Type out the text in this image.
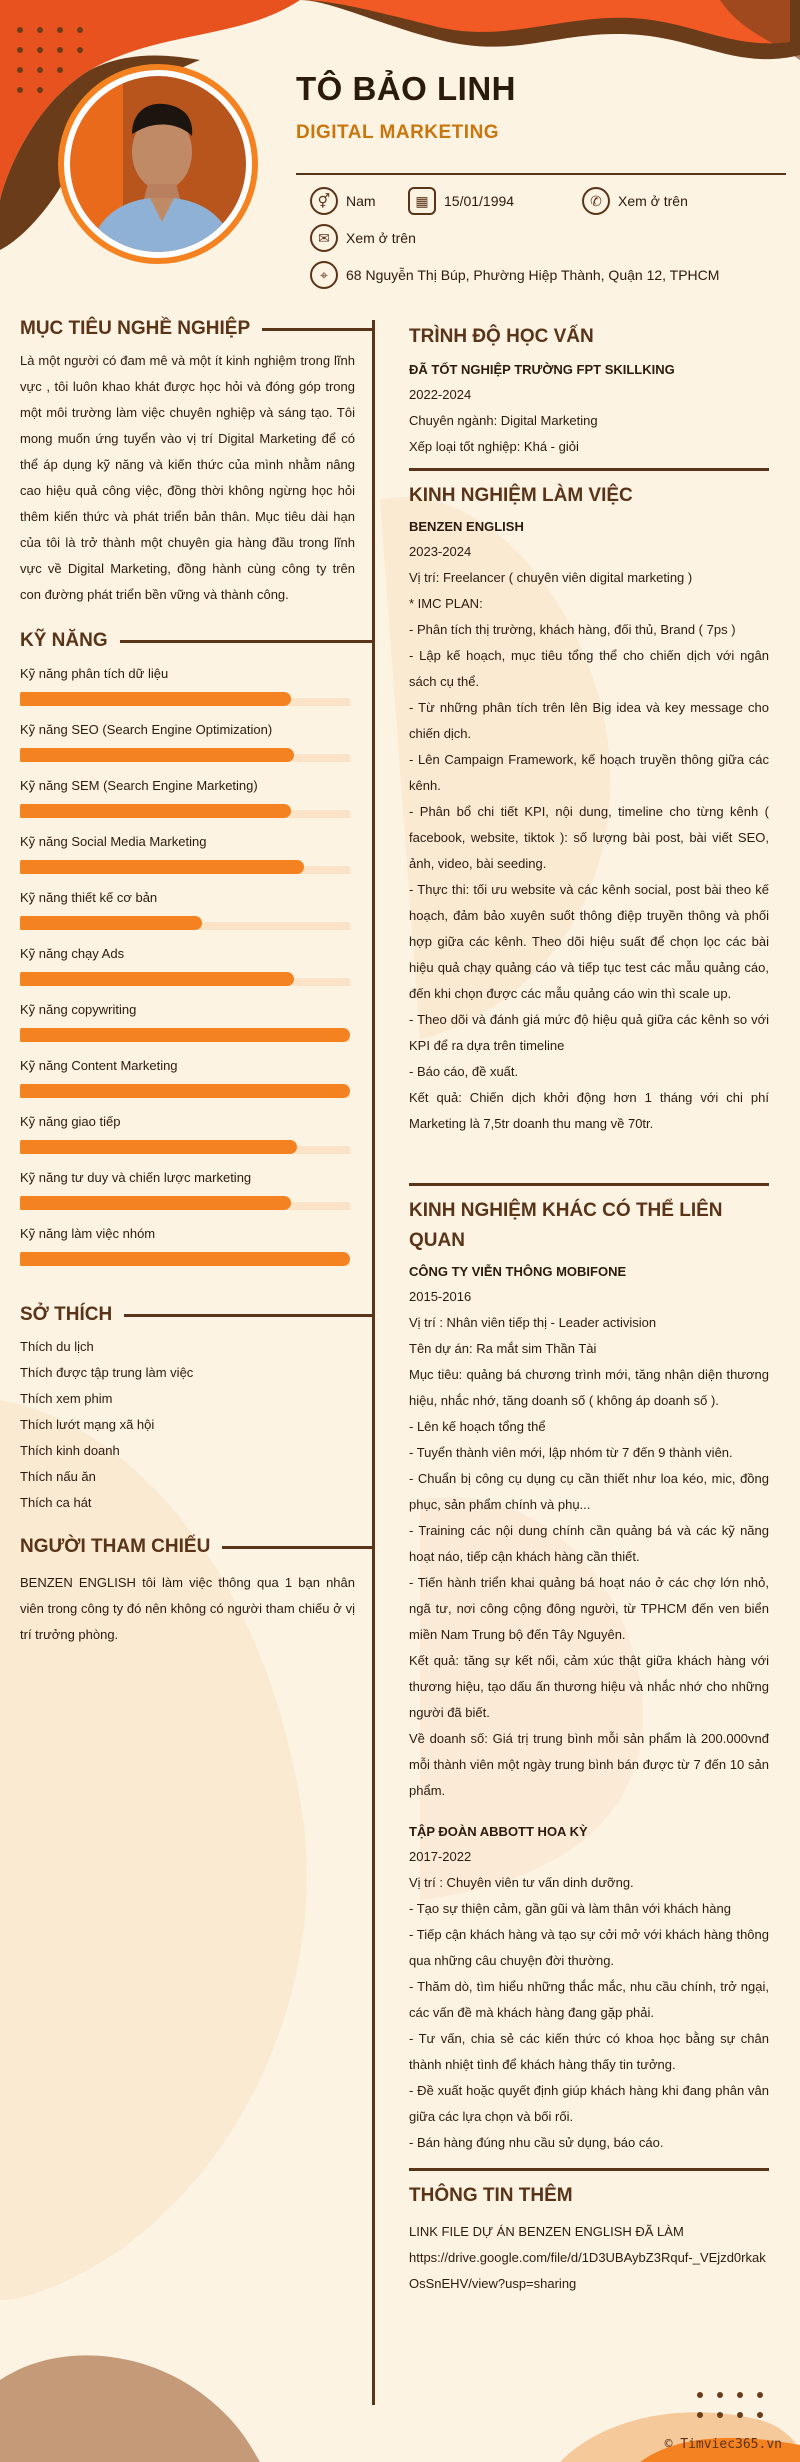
TÔ BẢO LINH
DIGITAL MARKETING
⚥	Nam	▦	15/01/1994	✆	Xem ở trên
✉	Xem ở trên
⌖	68 Nguyễn Thị Búp, Phường Hiệp Thành, Quận 12, TPHCM
MỤC TIÊU NGHỀ NGHIỆP
Là một người có đam mê và một ít kinh nghiệm trong lĩnh vực , tôi luôn khao khát được học hỏi và đóng góp trong một môi trường làm việc chuyên nghiệp và sáng tạo. Tôi mong muốn ứng tuyển vào vị trí Digital Marketing để có thể áp dụng kỹ năng và kiến thức của mình nhằm nâng cao hiệu quả công việc, đồng thời không ngừng học hỏi thêm kiến thức và phát triển bản thân. Mục tiêu dài hạn của tôi là trở thành một chuyên gia hàng đầu trong lĩnh vực về Digital Marketing, đồng hành cùng công ty trên con đường phát triển bền vững và thành công.
KỸ NĂNG
Kỹ năng phân tích dữ liệu
Kỹ năng SEO (Search Engine Optimization)
Kỹ năng SEM (Search Engine Marketing)
Kỹ năng Social Media Marketing
Kỹ năng thiết kế cơ bản
Kỹ năng chạy Ads
Kỹ năng copywriting
Kỹ năng Content Marketing
Kỹ năng giao tiếp
Kỹ năng tư duy và chiến lược marketing
Kỹ năng làm việc nhóm
SỞ THÍCH
Thích du lịch
Thích được tập trung làm việc
Thích xem phim
Thích lướt mạng xã hội
Thích kinh doanh
Thích nấu ăn
Thích ca hát
NGƯỜI THAM CHIẾU
BENZEN ENGLISH tôi làm việc thông qua 1 bạn nhân viên trong công ty đó nên không có người tham chiếu ở vị trí trưởng phòng.
TRÌNH ĐỘ HỌC VẤN
ĐÃ TỐT NGHIỆP TRƯỜNG FPT SKILLKING
2022-2024
Chuyên ngành: Digital Marketing
Xếp loại tốt nghiệp: Khá - giỏi
KINH NGHIỆM LÀM VIỆC
BENZEN ENGLISH
2023-2024
Vị trí: Freelancer ( chuyên viên digital marketing )
* IMC PLAN:
- Phân tích thị trường, khách hàng, đối thủ, Brand ( 7ps )
- Lập kế hoạch, mục tiêu tổng thể cho chiến dịch với ngân sách cụ thể.
- Từ những phân tích trên lên Big idea và key message cho chiến dịch.
- Lên Campaign Framework, kế hoạch truyền thông giữa các kênh.
- Phân bổ chi tiết KPI, nội dung, timeline cho từng kênh ( facebook, website, tiktok ): số lượng bài post, bài viết SEO, ảnh, video, bài seeding.
- Thực thi: tối ưu website và các kênh social, post bài theo kế hoạch, đảm bảo xuyên suốt thông điệp truyền thông và phối hợp giữa các kênh. Theo dõi hiệu suất để chọn lọc các bài hiệu quả chạy quảng cáo và tiếp tục test các mẫu quảng cáo, đến khi chọn được các mẫu quảng cáo win thì scale up.
- Theo dõi và đánh giá mức độ hiệu quả giữa các kênh so với KPI để ra dựa trên timeline
- Báo cáo, đề xuất.
Kết quả: Chiến dịch khởi động hơn 1 tháng với chi phí Marketing là 7,5tr doanh thu mang về 70tr.
KINH NGHIỆM KHÁC CÓ THỂ LIÊN QUAN
CÔNG TY VIỄN THÔNG MOBIFONE
2015-2016
Vị trí : Nhân viên tiếp thị - Leader activision
Tên dự án: Ra mắt sim Thần Tài
Mục tiêu: quảng bá chương trình mới, tăng nhận diện thương hiệu, nhắc nhớ, tăng doanh số ( không áp doanh số ).
- Lên kế hoạch tổng thể
- Tuyển thành viên mới, lập nhóm từ 7 đến 9 thành viên.
- Chuẩn bị công cụ dụng cụ cần thiết như loa kéo, mic, đồng phục, sản phẩm chính và phụ...
- Training các nội dung chính cần quảng bá và các kỹ năng hoạt náo, tiếp cận khách hàng cần thiết.
- Tiến hành triển khai quảng bá hoạt náo ở các chợ lớn nhỏ, ngã tư, nơi công cộng đông người, từ TPHCM đến ven biển miền Nam Trung bộ đến Tây Nguyên.
Kết quả: tăng sự kết nối, cảm xúc thật giữa khách hàng với thương hiệu, tạo dấu ấn thương hiệu và nhắc nhớ cho những người đã biết.
Về doanh số: Giá trị trung bình mỗi sản phẩm là 200.000vnđ mỗi thành viên một ngày trung bình bán được từ 7 đến 10 sản phẩm.
TẬP ĐOÀN ABBOTT HOA KỲ
2017-2022
Vị trí : Chuyên viên tư vấn dinh dưỡng.
- Tạo sự thiện cảm, gần gũi và làm thân với khách hàng
- Tiếp cận khách hàng và tạo sự cởi mở với khách hàng thông qua những câu chuyện đời thường.
- Thăm dò, tìm hiểu những thắc mắc, nhu cầu chính, trở ngại, các vấn đề mà khách hàng đang gặp phải.
- Tư vấn, chia sẻ các kiến thức có khoa học bằng sự chân thành nhiệt tình để khách hàng thấy tin tưởng.
- Đề xuất hoặc quyết định giúp khách hàng khi đang phân vân giữa các lựa chọn và bối rối.
- Bán hàng đúng nhu cầu sử dụng, báo cáo.
THÔNG TIN THÊM
LINK FILE DỰ ÁN BENZEN ENGLISH ĐÃ LÀM
https://drive.google.com/file/d/1D3UBAybZ3Rquf-_VEjzd0rkakOsSnEHV/view?usp=sharing
© Timviec365.vn
